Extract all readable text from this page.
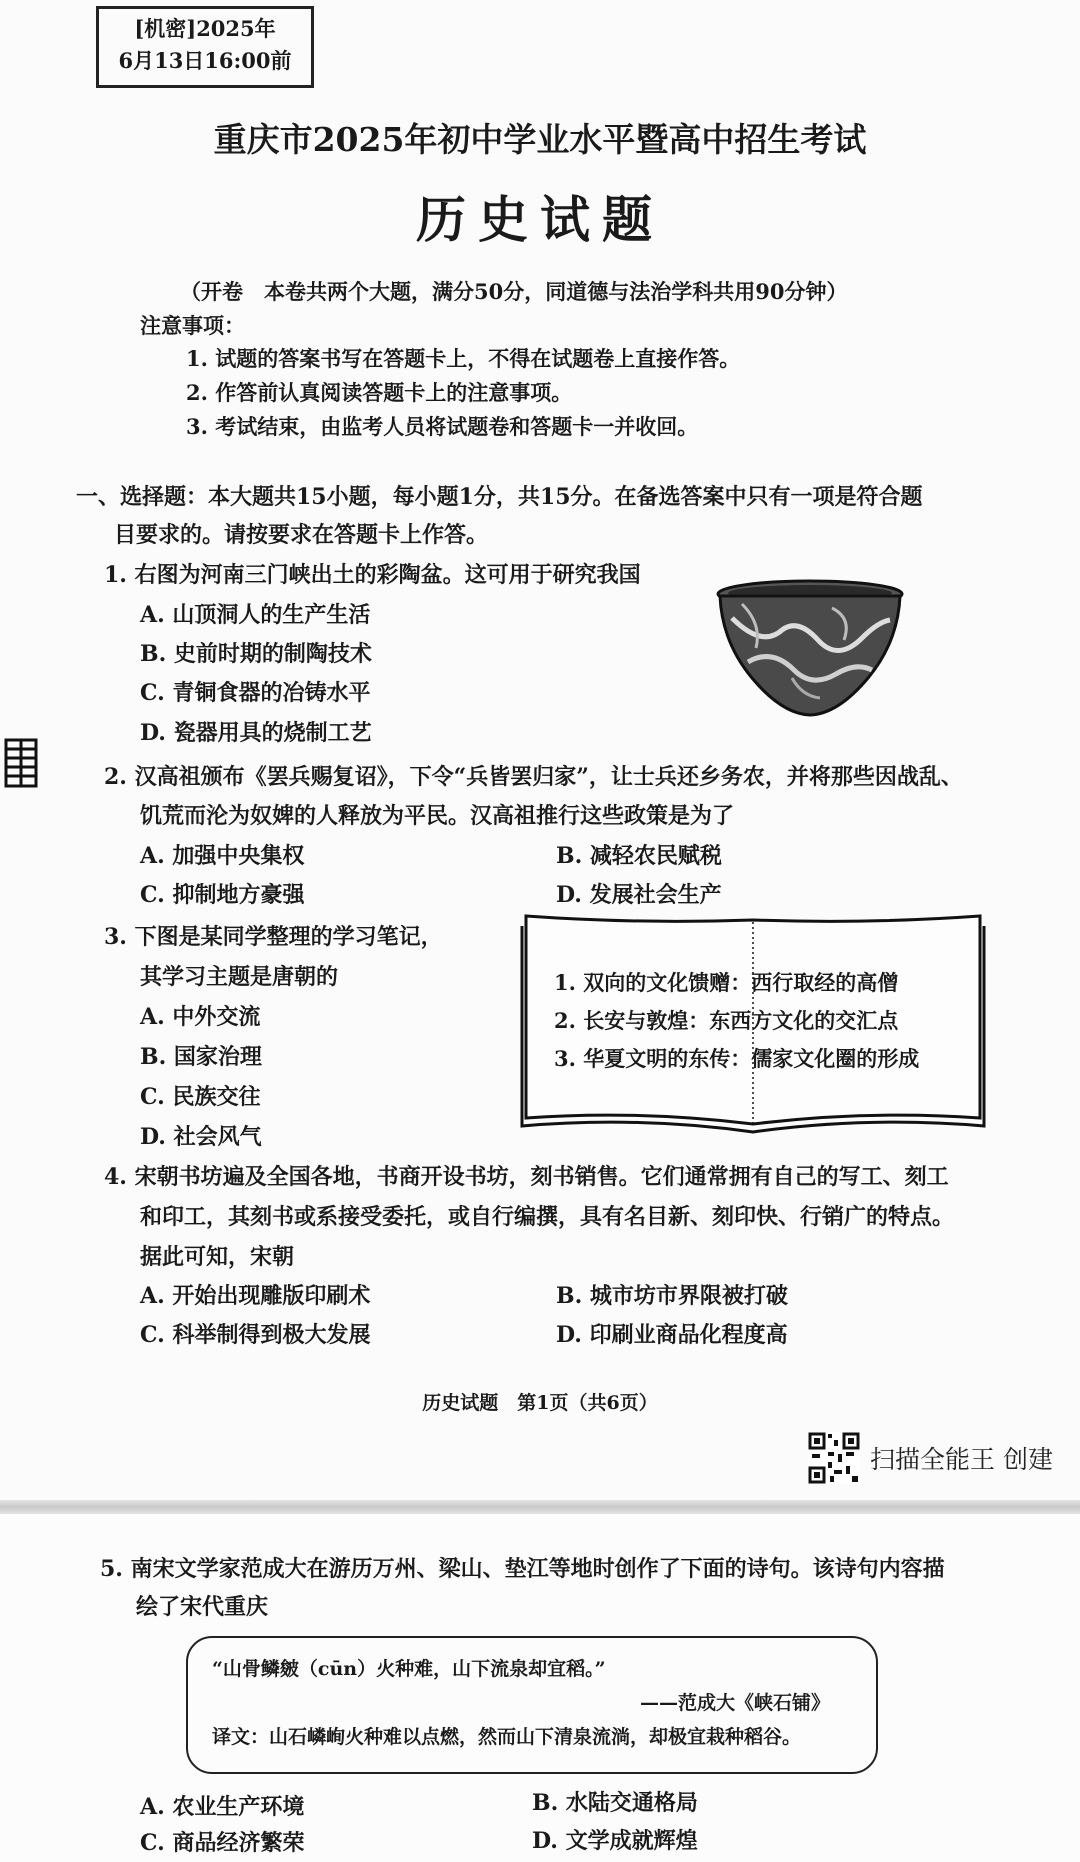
[机密]2025年
6月13日16:00前
重庆市2025年初中学业水平暨高中招生考试
历史试题
（开卷　本卷共两个大题，满分50分，同道德与法治学科共用90分钟）
注意事项：
1. 试题的答案书写在答题卡上，不得在试题卷上直接作答。
2. 作答前认真阅读答题卡上的注意事项。
3. 考试结束，由监考人员将试题卷和答题卡一并收回。
一、选择题：本大题共15小题，每小题1分，共15分。在备选答案中只有一项是符合题
目要求的。请按要求在答题卡上作答。
1. 右图为河南三门峡出土的彩陶盆。这可用于研究我国
A. 山顶洞人的生产生活
B. 史前时期的制陶技术
C. 青铜食器的冶铸水平
D. 瓷器用具的烧制工艺
2. 汉高祖颁布《罢兵赐复诏》，下令“兵皆罢归家”，让士兵还乡务农，并将那些因战乱、
饥荒而沦为奴婢的人释放为平民。汉高祖推行这些政策是为了
A. 加强中央集权	B. 减轻农民赋税
C. 抑制地方豪强	D. 发展社会生产
3. 下图是某同学整理的学习笔记，
其学习主题是唐朝的
A. 中外交流
B. 国家治理
C. 民族交往
D. 社会风气
1. 双向的文化馈赠：西行取经的高僧
2. 长安与敦煌：东西方文化的交汇点
3. 华夏文明的东传：儒家文化圈的形成
4. 宋朝书坊遍及全国各地，书商开设书坊，刻书销售。它们通常拥有自己的写工、刻工
和印工，其刻书或系接受委托，或自行编撰，具有名目新、刻印快、行销广的特点。
据此可知，宋朝
A. 开始出现雕版印刷术	B. 城市坊市界限被打破
C. 科举制得到极大发展	D. 印刷业商品化程度高
历史试题　第1页（共6页）
扫描全能王 创建
5. 南宋文学家范成大在游历万州、梁山、垫江等地时创作了下面的诗句。该诗句内容描
绘了宋代重庆
“山骨鳞皴（cūn）火种难，山下流泉却宜稻。”
——范成大《峡石铺》
译文：山石嶙峋火种难以点燃，然而山下清泉流淌，却极宜栽种稻谷。
A. 农业生产环境	B. 水陆交通格局
C. 商品经济繁荣	D. 文学成就辉煌
